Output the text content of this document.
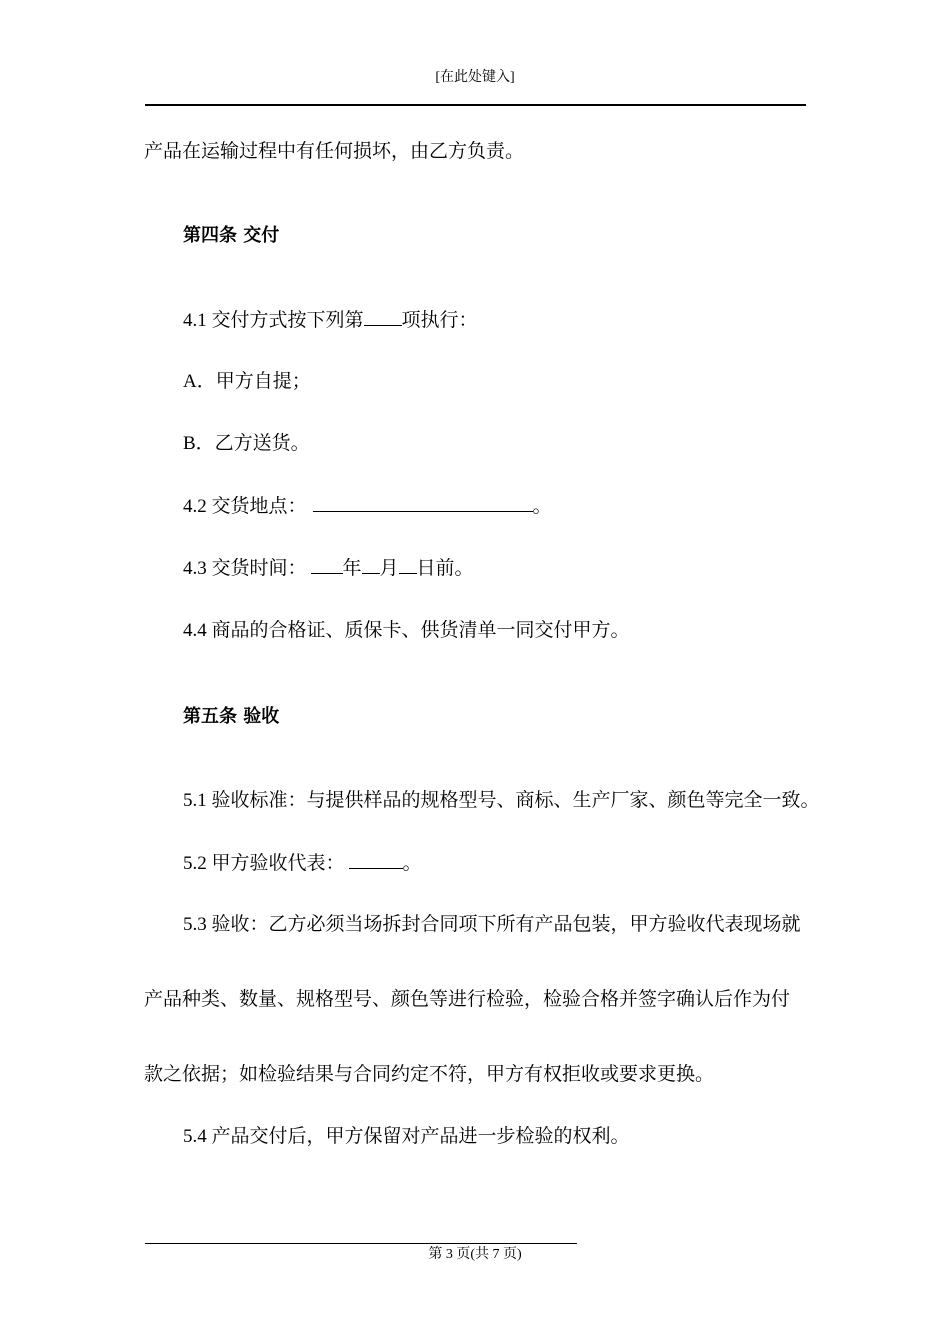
[在此处键入]
产品在运输过程中有任何损坏，由乙方负责。
第四条 交付
4.1 交付方式按下列第 项执行：
A．甲方自提；
B．乙方送货。
4.2 交货地点：	。
4.3 交货时间： 年 月 日前。
4.4 商品的合格证、质保卡、供货清单一同交付甲方。
第五条 验收
5.1 验收标准：与提供样品的规格型号、商标、生产厂家、颜色等完全一致。
5.2 甲方验收代表：	。
5.3 验收：乙方必须当场拆封合同项下所有产品包装，甲方验收代表现场就
产品种类、数量、规格型号、颜色等进行检验，检验合格并签字确认后作为付
款之依据；如检验结果与合同约定不符，甲方有权拒收或要求更换。
5.4 产品交付后，甲方保留对产品进一步检验的权利。
第 3 页(共 7 页)
